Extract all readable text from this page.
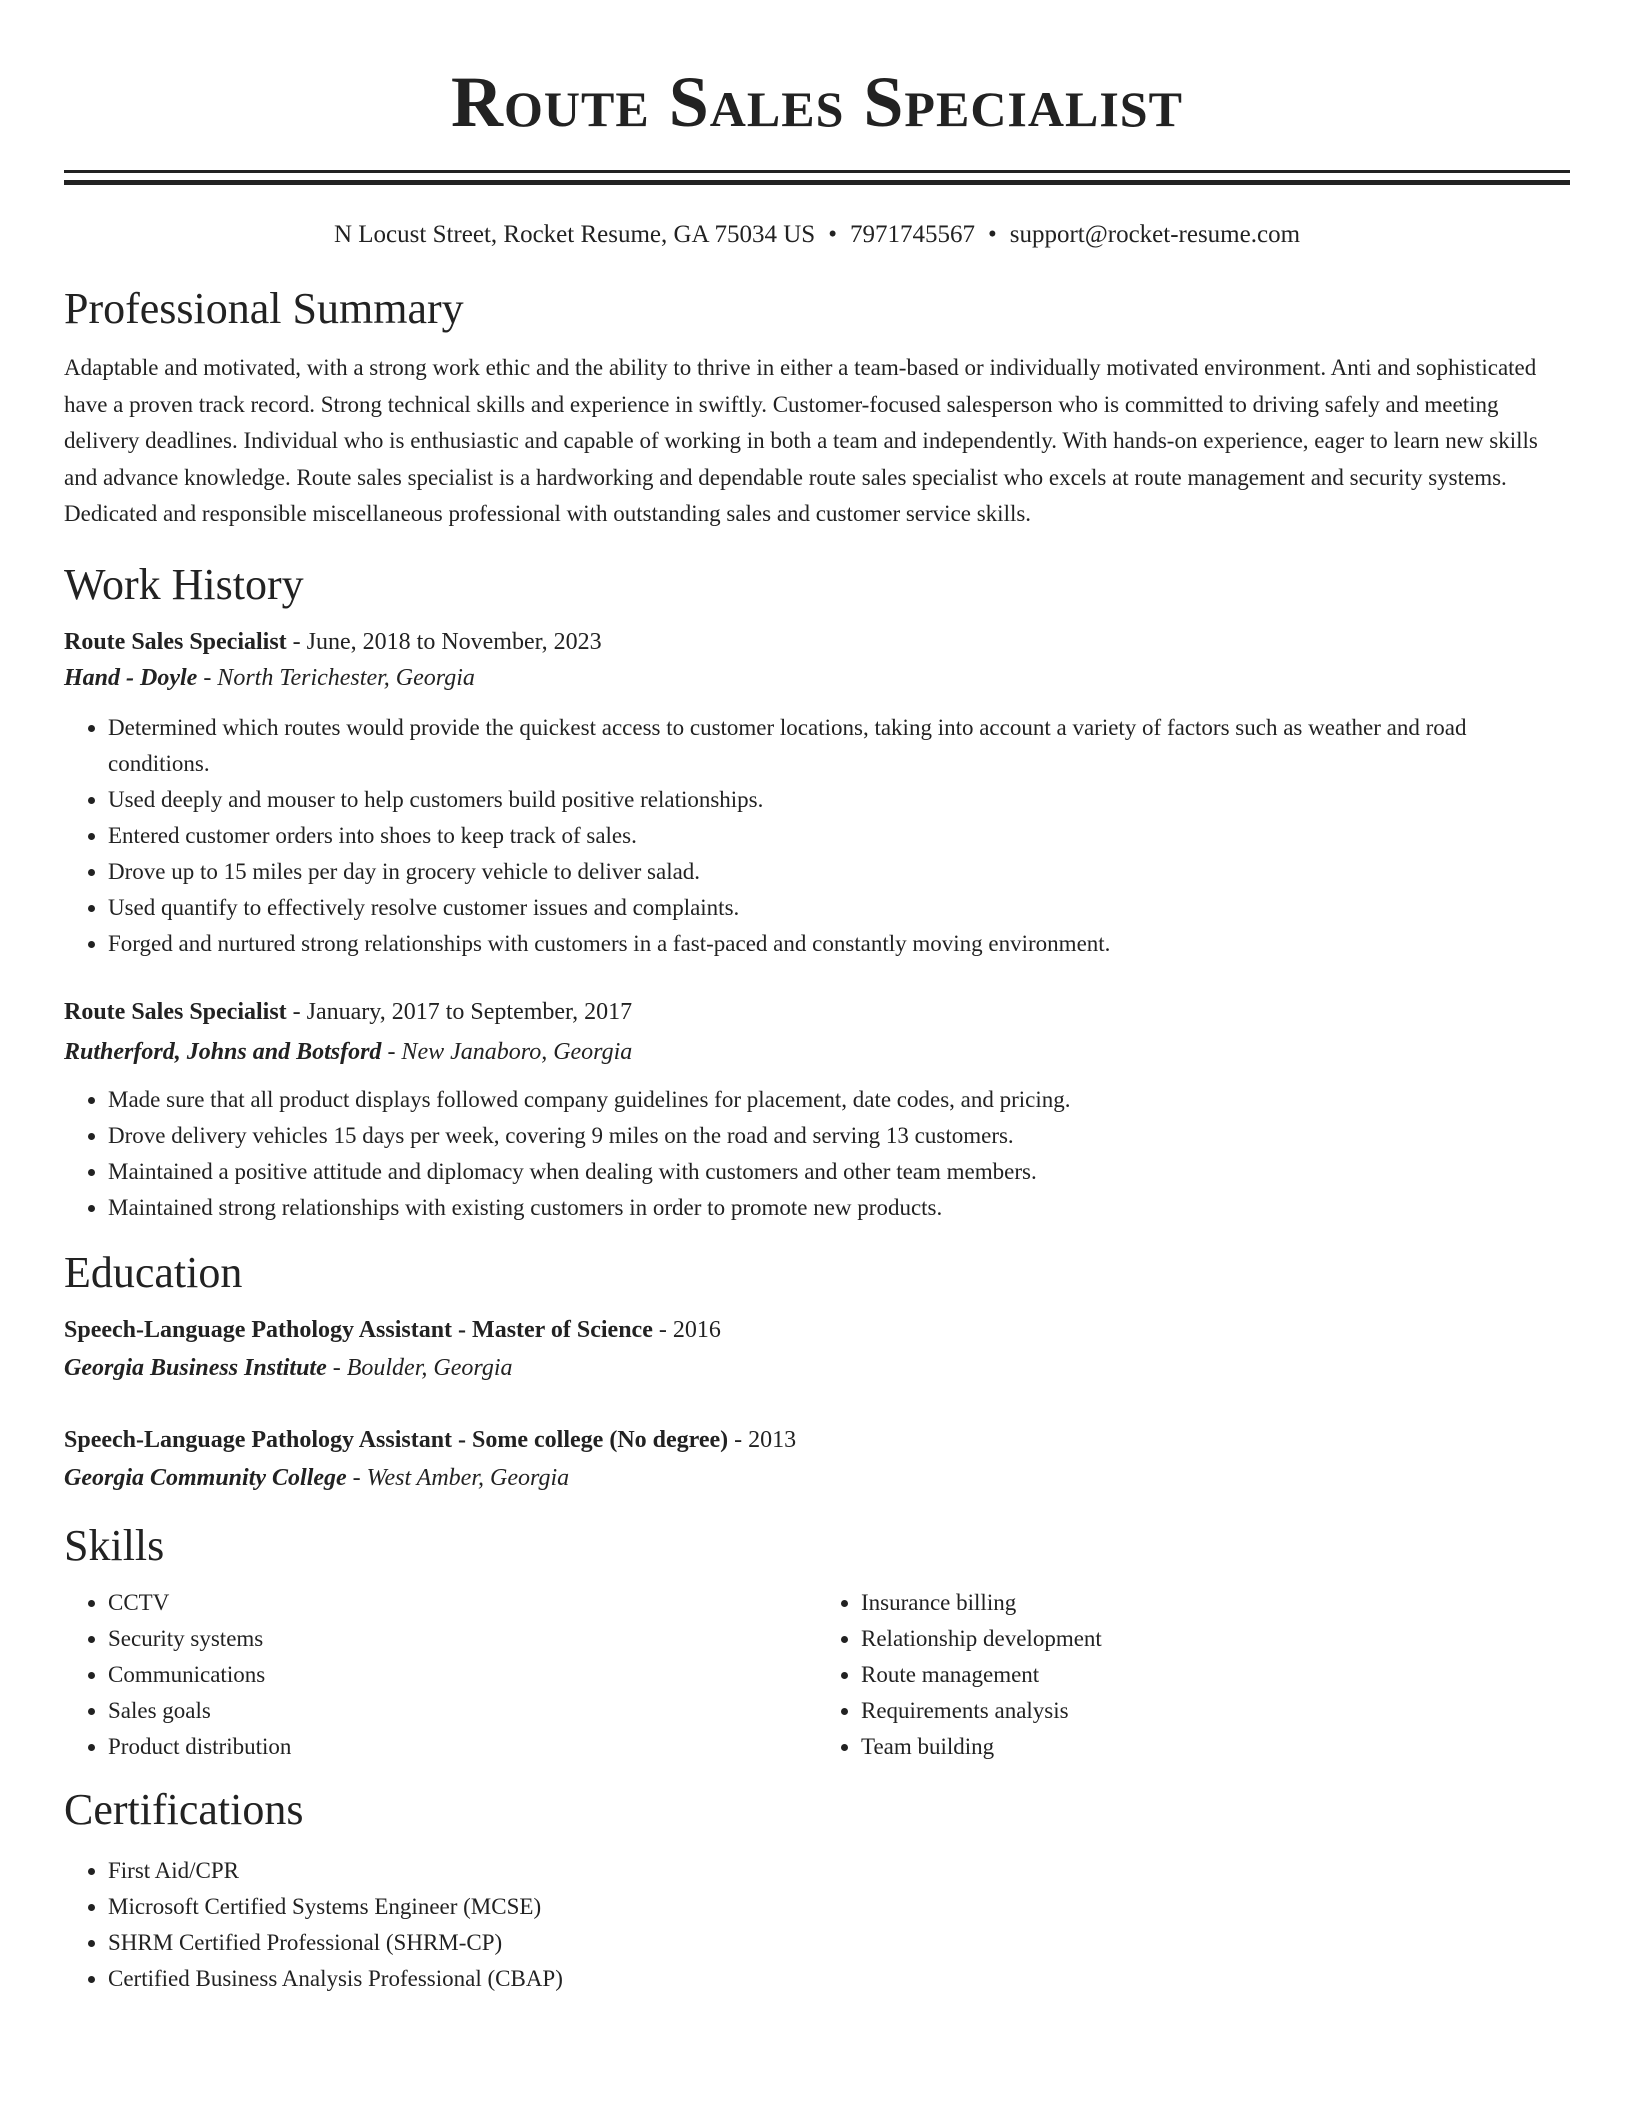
Route Sales Specialist
N Locust Street, Rocket Resume, GA 75034 US • 7971745567 • support@rocket-resume.com
Professional Summary

Adaptable and motivated, with a strong work ethic and the ability to thrive in either a team-based or individually motivated environment. Anti and sophisticated have a proven track record. Strong technical skills and experience in swiftly. Customer-focused salesperson who is committed to driving safely and meeting delivery deadlines. Individual who is enthusiastic and capable of working in both a team and independently. With hands-on experience, eager to learn new skills and advance knowledge. Route sales specialist is a hardworking and dependable route sales specialist who excels at route management and security systems. Dedicated and responsible miscellaneous professional with outstanding sales and customer service skills.

Work History
Route Sales Specialist - June, 2018 to November, 2023
Hand - Doyle - North Terichester, Georgia
• Determined which routes would provide the quickest access to customer locations, taking into account a variety of factors such as weather and road conditions.
• Used deeply and mouser to help customers build positive relationships.
• Entered customer orders into shoes to keep track of sales.
• Drove up to 15 miles per day in grocery vehicle to deliver salad.
• Used quantify to effectively resolve customer issues and complaints.
• Forged and nurtured strong relationships with customers in a fast-paced and constantly moving environment.
Route Sales Specialist - January, 2017 to September, 2017
Rutherford, Johns and Botsford - New Janaboro, Georgia
• Made sure that all product displays followed company guidelines for placement, date codes, and pricing.
• Drove delivery vehicles 15 days per week, covering 9 miles on the road and serving 13 customers.
• Maintained a positive attitude and diplomacy when dealing with customers and other team members.
• Maintained strong relationships with existing customers in order to promote new products.
Education
Speech-Language Pathology Assistant - Master of Science - 2016
Georgia Business Institute - Boulder, Georgia
Speech-Language Pathology Assistant - Some college (No degree) - 2013
Georgia Community College - West Amber, Georgia
Skills
• CCTV
• Security systems
• Communications
• Sales goals
• Product distribution
• Insurance billing
• Relationship development
• Route management
• Requirements analysis
• Team building
Certifications
• First Aid/CPR
• Microsoft Certified Systems Engineer (MCSE)
• SHRM Certified Professional (SHRM-CP)
• Certified Business Analysis Professional (CBAP)
